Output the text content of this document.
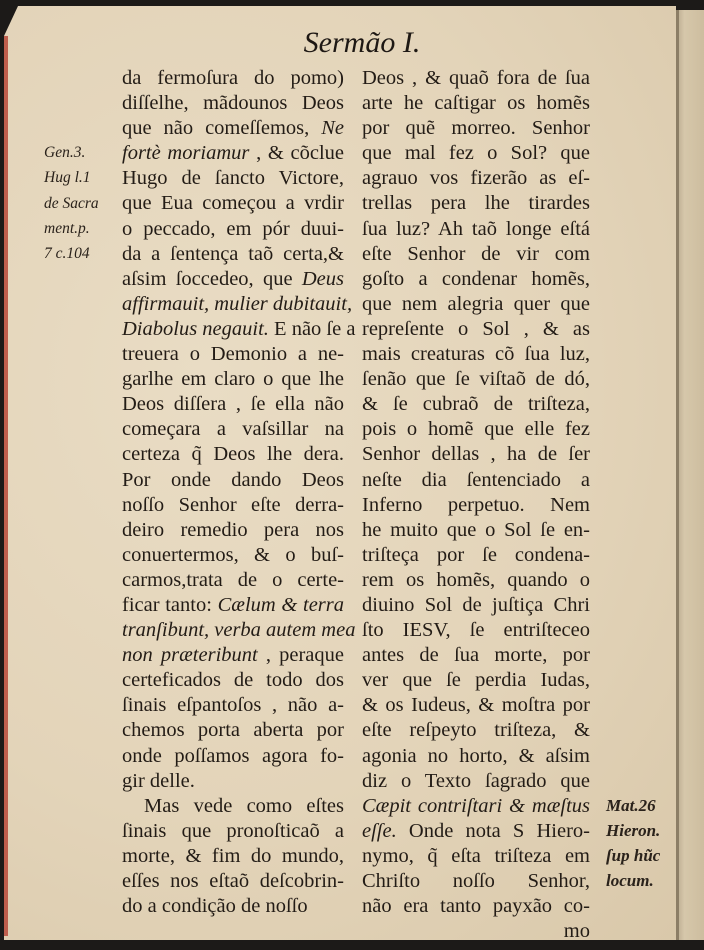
Sermão I.
da fermoſura do pomo)
diſſelhe, mãdounos Deos
que não comeſſemos, Ne
fortè moriamur , & cõclue
Hugo de ſancto Victore,
que Eua começou a vrdir
o peccado, em pór duui-
da a ſentença taõ certa,&
aſsim ſoccedeo, que Deus
affirmauit, mulier dubitauit,
Diabolus negauit. E não ſe a
treuera o Demonio a ne-
garlhe em claro o que lhe
Deos diſſera , ſe ella não
começara a vaſsillar na
certeza q̃ Deos lhe dera.
Por onde dando Deos
noſſo Senhor eſte derra-
deiro remedio pera nos
conuertermos, & o buſ-
carmos,trata de o certe-
ficar tanto: Cælum & terra
tranſibunt, verba autem mea
non præteribunt , peraque
certeficados de todo dos
ſinais eſpantoſos , não a-
chemos porta aberta por
onde poſſamos agora fo-
gir delle.
Mas vede como eſtes
ſinais que pronoſticaõ a
morte, & fim do mundo,
eſſes nos eſtaõ deſcobrin-
do a condição de noſſo
Deos , & quaõ fora de ſua
arte he caſtigar os homẽs
por quẽ morreo. Senhor
que mal fez o Sol? que
agrauo vos fizerão as eſ-
trellas pera lhe tirardes
ſua luz? Ah taõ longe eſtá
eſte Senhor de vir com
goſto a condenar homẽs,
que nem alegria quer que
repreſente o Sol , & as
mais creaturas cõ ſua luz,
ſenão que ſe viſtaõ de dó,
& ſe cubraõ de triſteza,
pois o homẽ que elle fez
Senhor dellas , ha de ſer
neſte dia ſentenciado a
Inferno perpetuo. Nem
he muito que o Sol ſe en-
triſteça por ſe condena-
rem os homẽs, quando o
diuino Sol de juſtiça Chri
ſto IESV, ſe entriſteceo
antes de ſua morte, por
ver que ſe perdia Iudas,
& os Iudeus, & moſtra por
eſte reſpeyto triſteza, &
agonia no horto, & aſsim
diz o Texto ſagrado que
Cæpit contriſtari & mæſtus
eſſe. Onde nota S Hiero-
nymo, q̃ eſta triſteza em
Chriſto noſſo Senhor,
não era tanto payxão co-
mo
Gen.3.
Hug l.1
de Sacra
ment.p.
7 c.104
Mat.26
Hieron.
ſup hũc
locum.
